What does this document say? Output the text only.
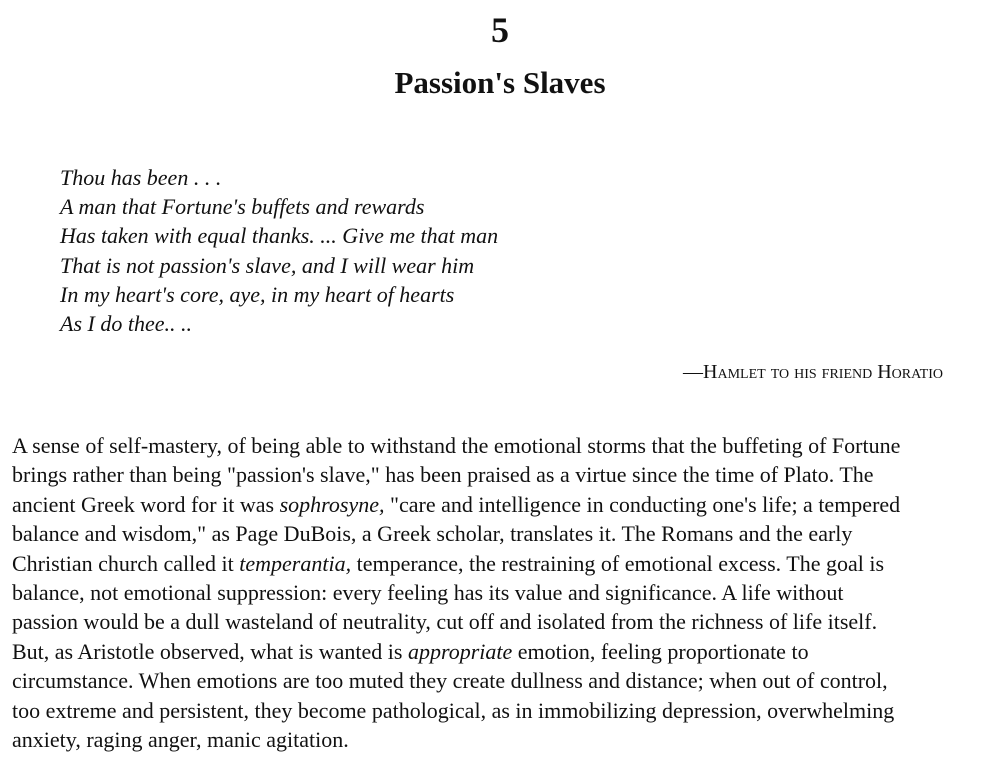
5
Passion's Slaves
Thou has been . . .
A man that Fortune's buffets and rewards
Has taken with equal thanks. ... Give me that man
That is not passion's slave, and I will wear him
In my heart's core, aye, in my heart of hearts
As I do thee.. ..
—Hamlet to his friend Horatio
A sense of self-mastery, of being able to withstand the emotional storms that the buffeting of Fortune
brings rather than being "passion's slave," has been praised as a virtue since the time of Plato. The
ancient Greek word for it was sophrosyne, "care and intelligence in conducting one's life; a tempered
balance and wisdom," as Page DuBois, a Greek scholar, translates it. The Romans and the early
Christian church called it temperantia, temperance, the restraining of emotional excess. The goal is
balance, not emotional suppression: every feeling has its value and significance. A life without
passion would be a dull wasteland of neutrality, cut off and isolated from the richness of life itself.
But, as Aristotle observed, what is wanted is appropriate emotion, feeling proportionate to
circumstance. When emotions are too muted they create dullness and distance; when out of control,
too extreme and persistent, they become pathological, as in immobilizing depression, overwhelming
anxiety, raging anger, manic agitation.
